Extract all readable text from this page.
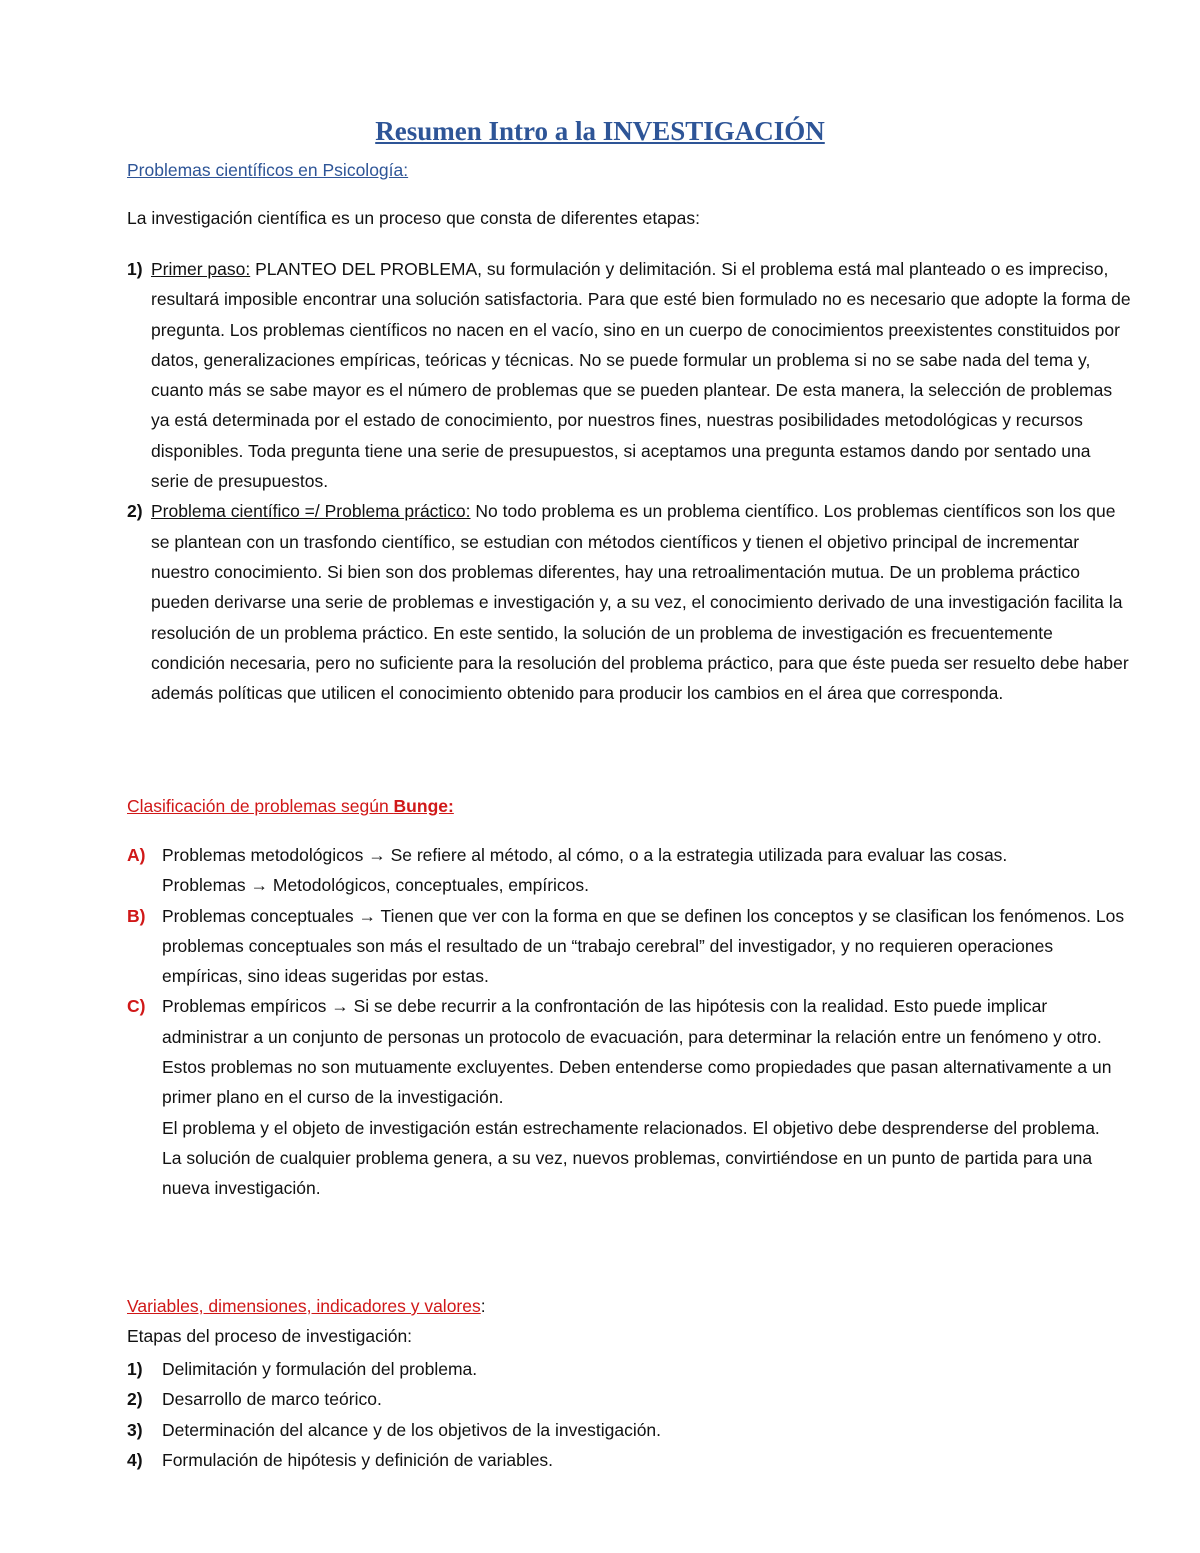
Resumen Intro a la INVESTIGACIÓN
Problemas científicos en Psicología:
La investigación científica es un proceso que consta de diferentes etapas:
1) Primer paso: PLANTEO DEL PROBLEMA, su formulación y delimitación. Si el problema está mal planteado o es impreciso, resultará imposible encontrar una solución satisfactoria. Para que esté bien formulado no es necesario que adopte la forma de pregunta. Los problemas científicos no nacen en el vacío, sino en un cuerpo de conocimientos preexistentes constituidos por datos, generalizaciones empíricas, teóricas y técnicas. No se puede formular un problema si no se sabe nada del tema y, cuanto más se sabe mayor es el número de problemas que se pueden plantear. De esta manera, la selección de problemas ya está determinada por el estado de conocimiento, por nuestros fines, nuestras posibilidades metodológicas y recursos disponibles. Toda pregunta tiene una serie de presupuestos, si aceptamos una pregunta estamos dando por sentado una serie de presupuestos.
2) Problema científico =/ Problema práctico: No todo problema es un problema científico. Los problemas científicos son los que se plantean con un trasfondo científico, se estudian con métodos científicos y tienen el objetivo principal de incrementar nuestro conocimiento. Si bien son dos problemas diferentes, hay una retroalimentación mutua. De un problema práctico pueden derivarse una serie de problemas e investigación y, a su vez, el conocimiento derivado de una investigación facilita la resolución de un problema práctico. En este sentido, la solución de un problema de investigación es frecuentemente condición necesaria, pero no suficiente para la resolución del problema práctico, para que éste pueda ser resuelto debe haber además políticas que utilicen el conocimiento obtenido para producir los cambios en el área que corresponda.
Clasificación de problemas según Bunge:
A) Problemas metodológicos → Se refiere al método, al cómo, o a la estrategia utilizada para evaluar las cosas.
Problemas → Metodológicos, conceptuales, empíricos.
B) Problemas conceptuales → Tienen que ver con la forma en que se definen los conceptos y se clasifican los fenómenos. Los problemas conceptuales son más el resultado de un “trabajo cerebral” del investigador, y no requieren operaciones empíricas, sino ideas sugeridas por estas.
C) Problemas empíricos → Si se debe recurrir a la confrontación de las hipótesis con la realidad. Esto puede implicar administrar a un conjunto de personas un protocolo de evacuación, para determinar la relación entre un fenómeno y otro.
Estos problemas no son mutuamente excluyentes. Deben entenderse como propiedades que pasan alternativamente a un primer plano en el curso de la investigación.
El problema y el objeto de investigación están estrechamente relacionados. El objetivo debe desprenderse del problema.
La solución de cualquier problema genera, a su vez, nuevos problemas, convirtiéndose en un punto de partida para una nueva investigación.
Variables, dimensiones, indicadores y valores:
Etapas del proceso de investigación:
1) Delimitación y formulación del problema.
2) Desarrollo de marco teórico.
3) Determinación del alcance y de los objetivos de la investigación.
4) Formulación de hipótesis y definición de variables.
